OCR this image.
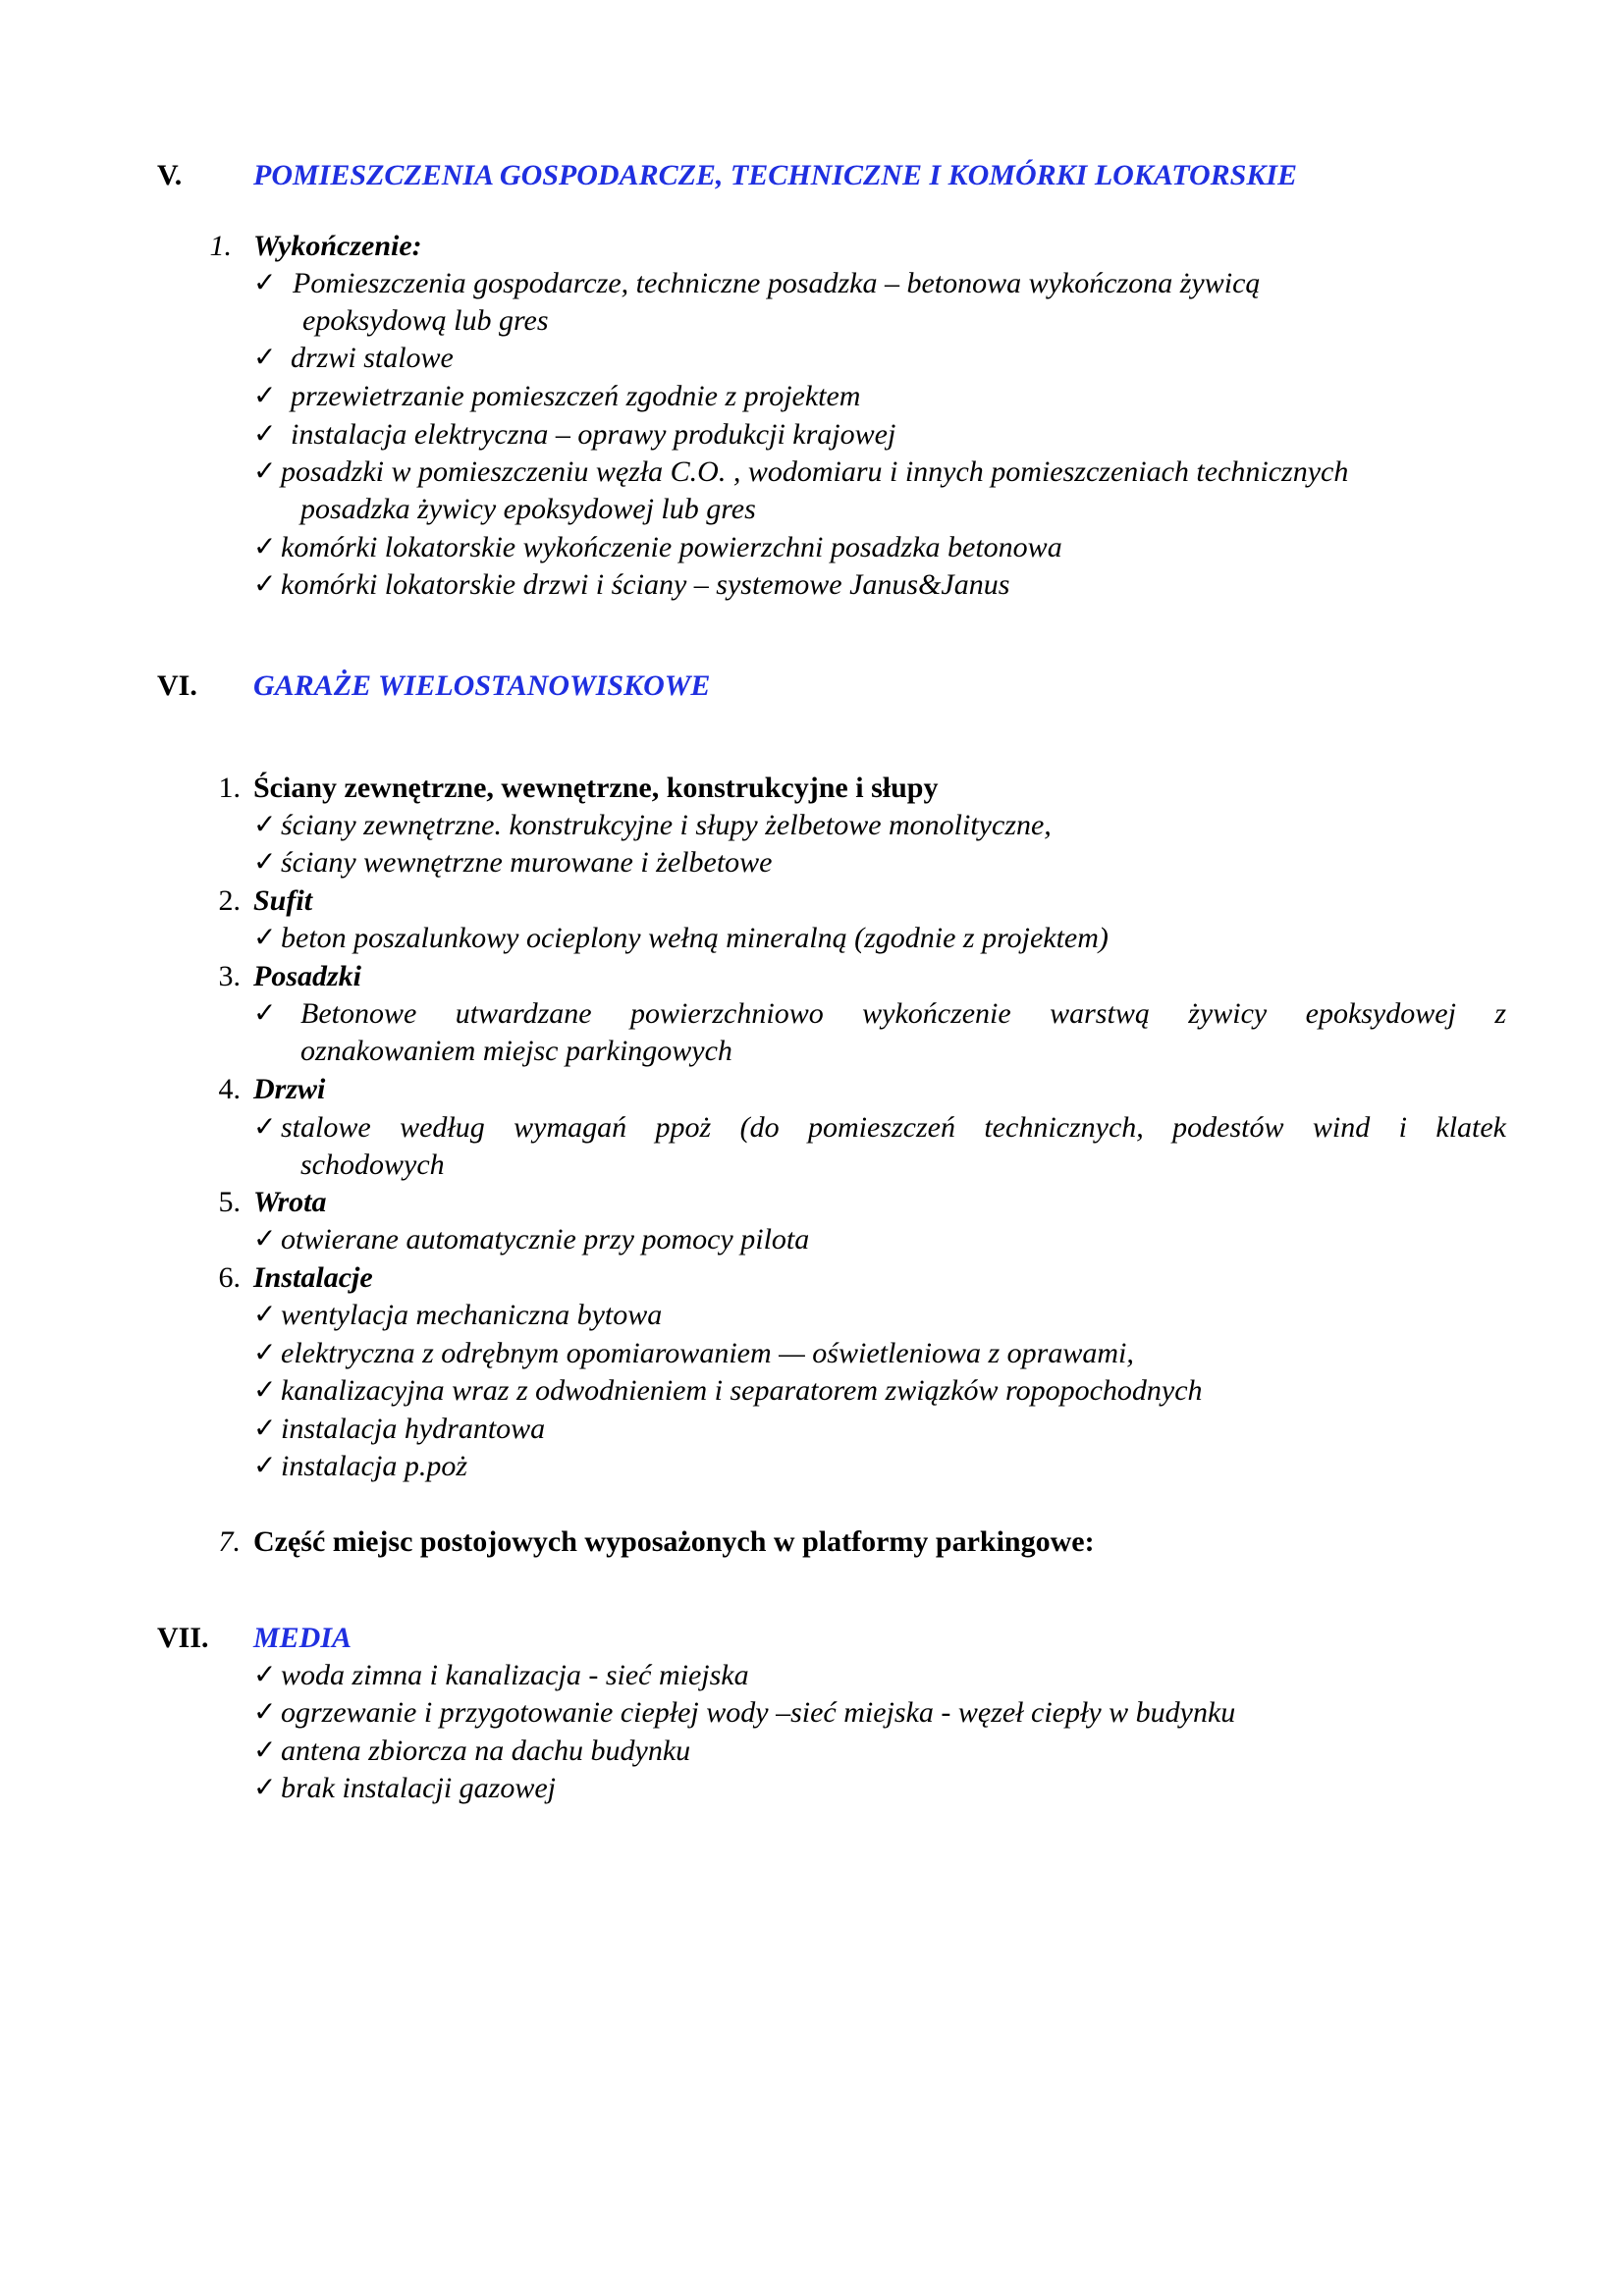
V. POMIESZCZENIA GOSPODARCZE, TECHNICZNE I KOMÓRKI LOKATORSKIE
1. Wykończenie:
✓ Pomieszczenia gospodarcze, techniczne posadzka – betonowa wykończona żywicą
epoksydową lub gres
✓ drzwi stalowe
✓ przewietrzanie pomieszczeń zgodnie z projektem
✓ instalacja elektryczna – oprawy produkcji krajowej
✓ posadzki w pomieszczeniu węzła C.O. , wodomiaru i innych pomieszczeniach technicznych
posadzka żywicy epoksydowej lub gres
✓ komórki lokatorskie wykończenie powierzchni posadzka betonowa
✓ komórki lokatorskie drzwi i ściany – systemowe Janus&Janus
VI. GARAŻE WIELOSTANOWISKOWE
1. Ściany zewnętrzne, wewnętrzne, konstrukcyjne i słupy
✓ ściany zewnętrzne. konstrukcyjne i słupy żelbetowe monolityczne,
✓ ściany wewnętrzne murowane i żelbetowe
2. Sufit
✓ beton poszalunkowy ocieplony wełną mineralną (zgodnie z projektem)
3. Posadzki
✓ Betonowe utwardzane powierzchniowo wykończenie warstwą żywicy epoksydowej z
oznakowaniem miejsc parkingowych
4. Drzwi
✓ stalowe według wymagań ppoż (do pomieszczeń technicznych, podestów wind i klatek
schodowych
5. Wrota
✓ otwierane automatycznie przy pomocy pilota
6. Instalacje
✓ wentylacja mechaniczna bytowa
✓ elektryczna z odrębnym opomiarowaniem — oświetleniowa z oprawami,
✓ kanalizacyjna wraz z odwodnieniem i separatorem związków ropopochodnych
✓ instalacja hydrantowa
✓ instalacja p.poż
7. Część miejsc postojowych wyposażonych w platformy parkingowe:
VII. MEDIA
✓ woda zimna i kanalizacja - sieć miejska
✓ ogrzewanie i przygotowanie ciepłej wody –sieć miejska - węzeł ciepły w budynku
✓ antena zbiorcza na dachu budynku
✓ brak instalacji gazowej
